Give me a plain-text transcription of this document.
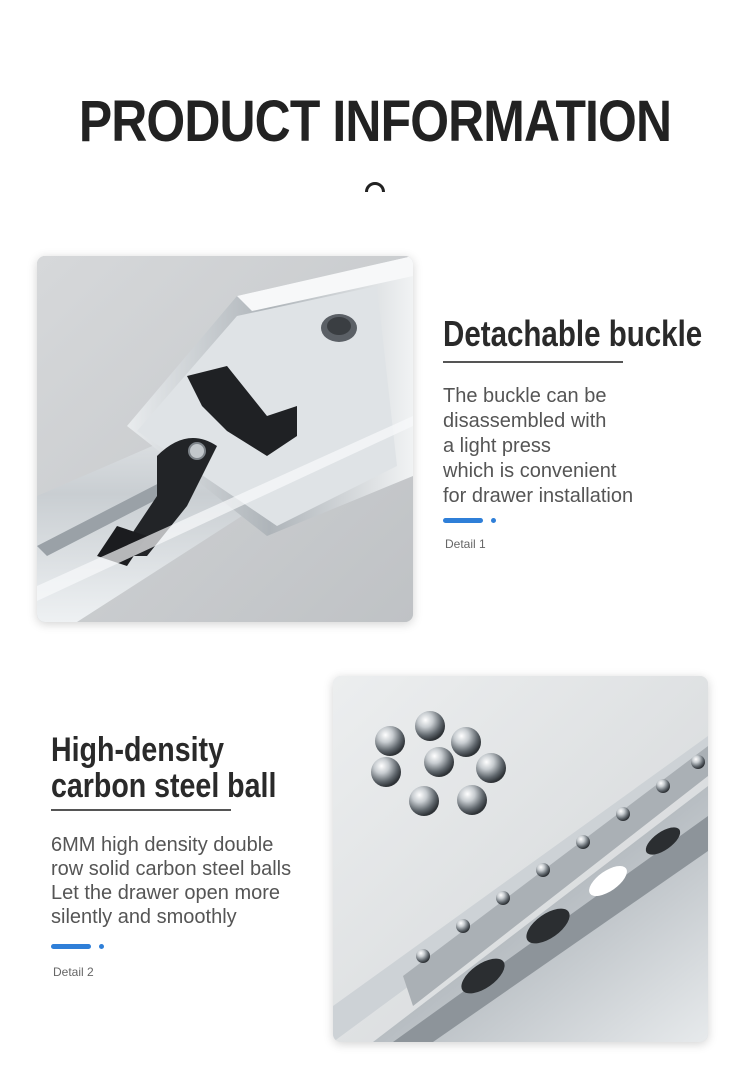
PRODUCT INFORMATION
Detachable buckle

The buckle can be
disassembled with
a light press
which is convenient
for drawer installation

Detail 1

High-density
carbon steel ball

6MM high density double
row solid carbon steel balls
Let the drawer open more
silently and smoothly

Detail 2
